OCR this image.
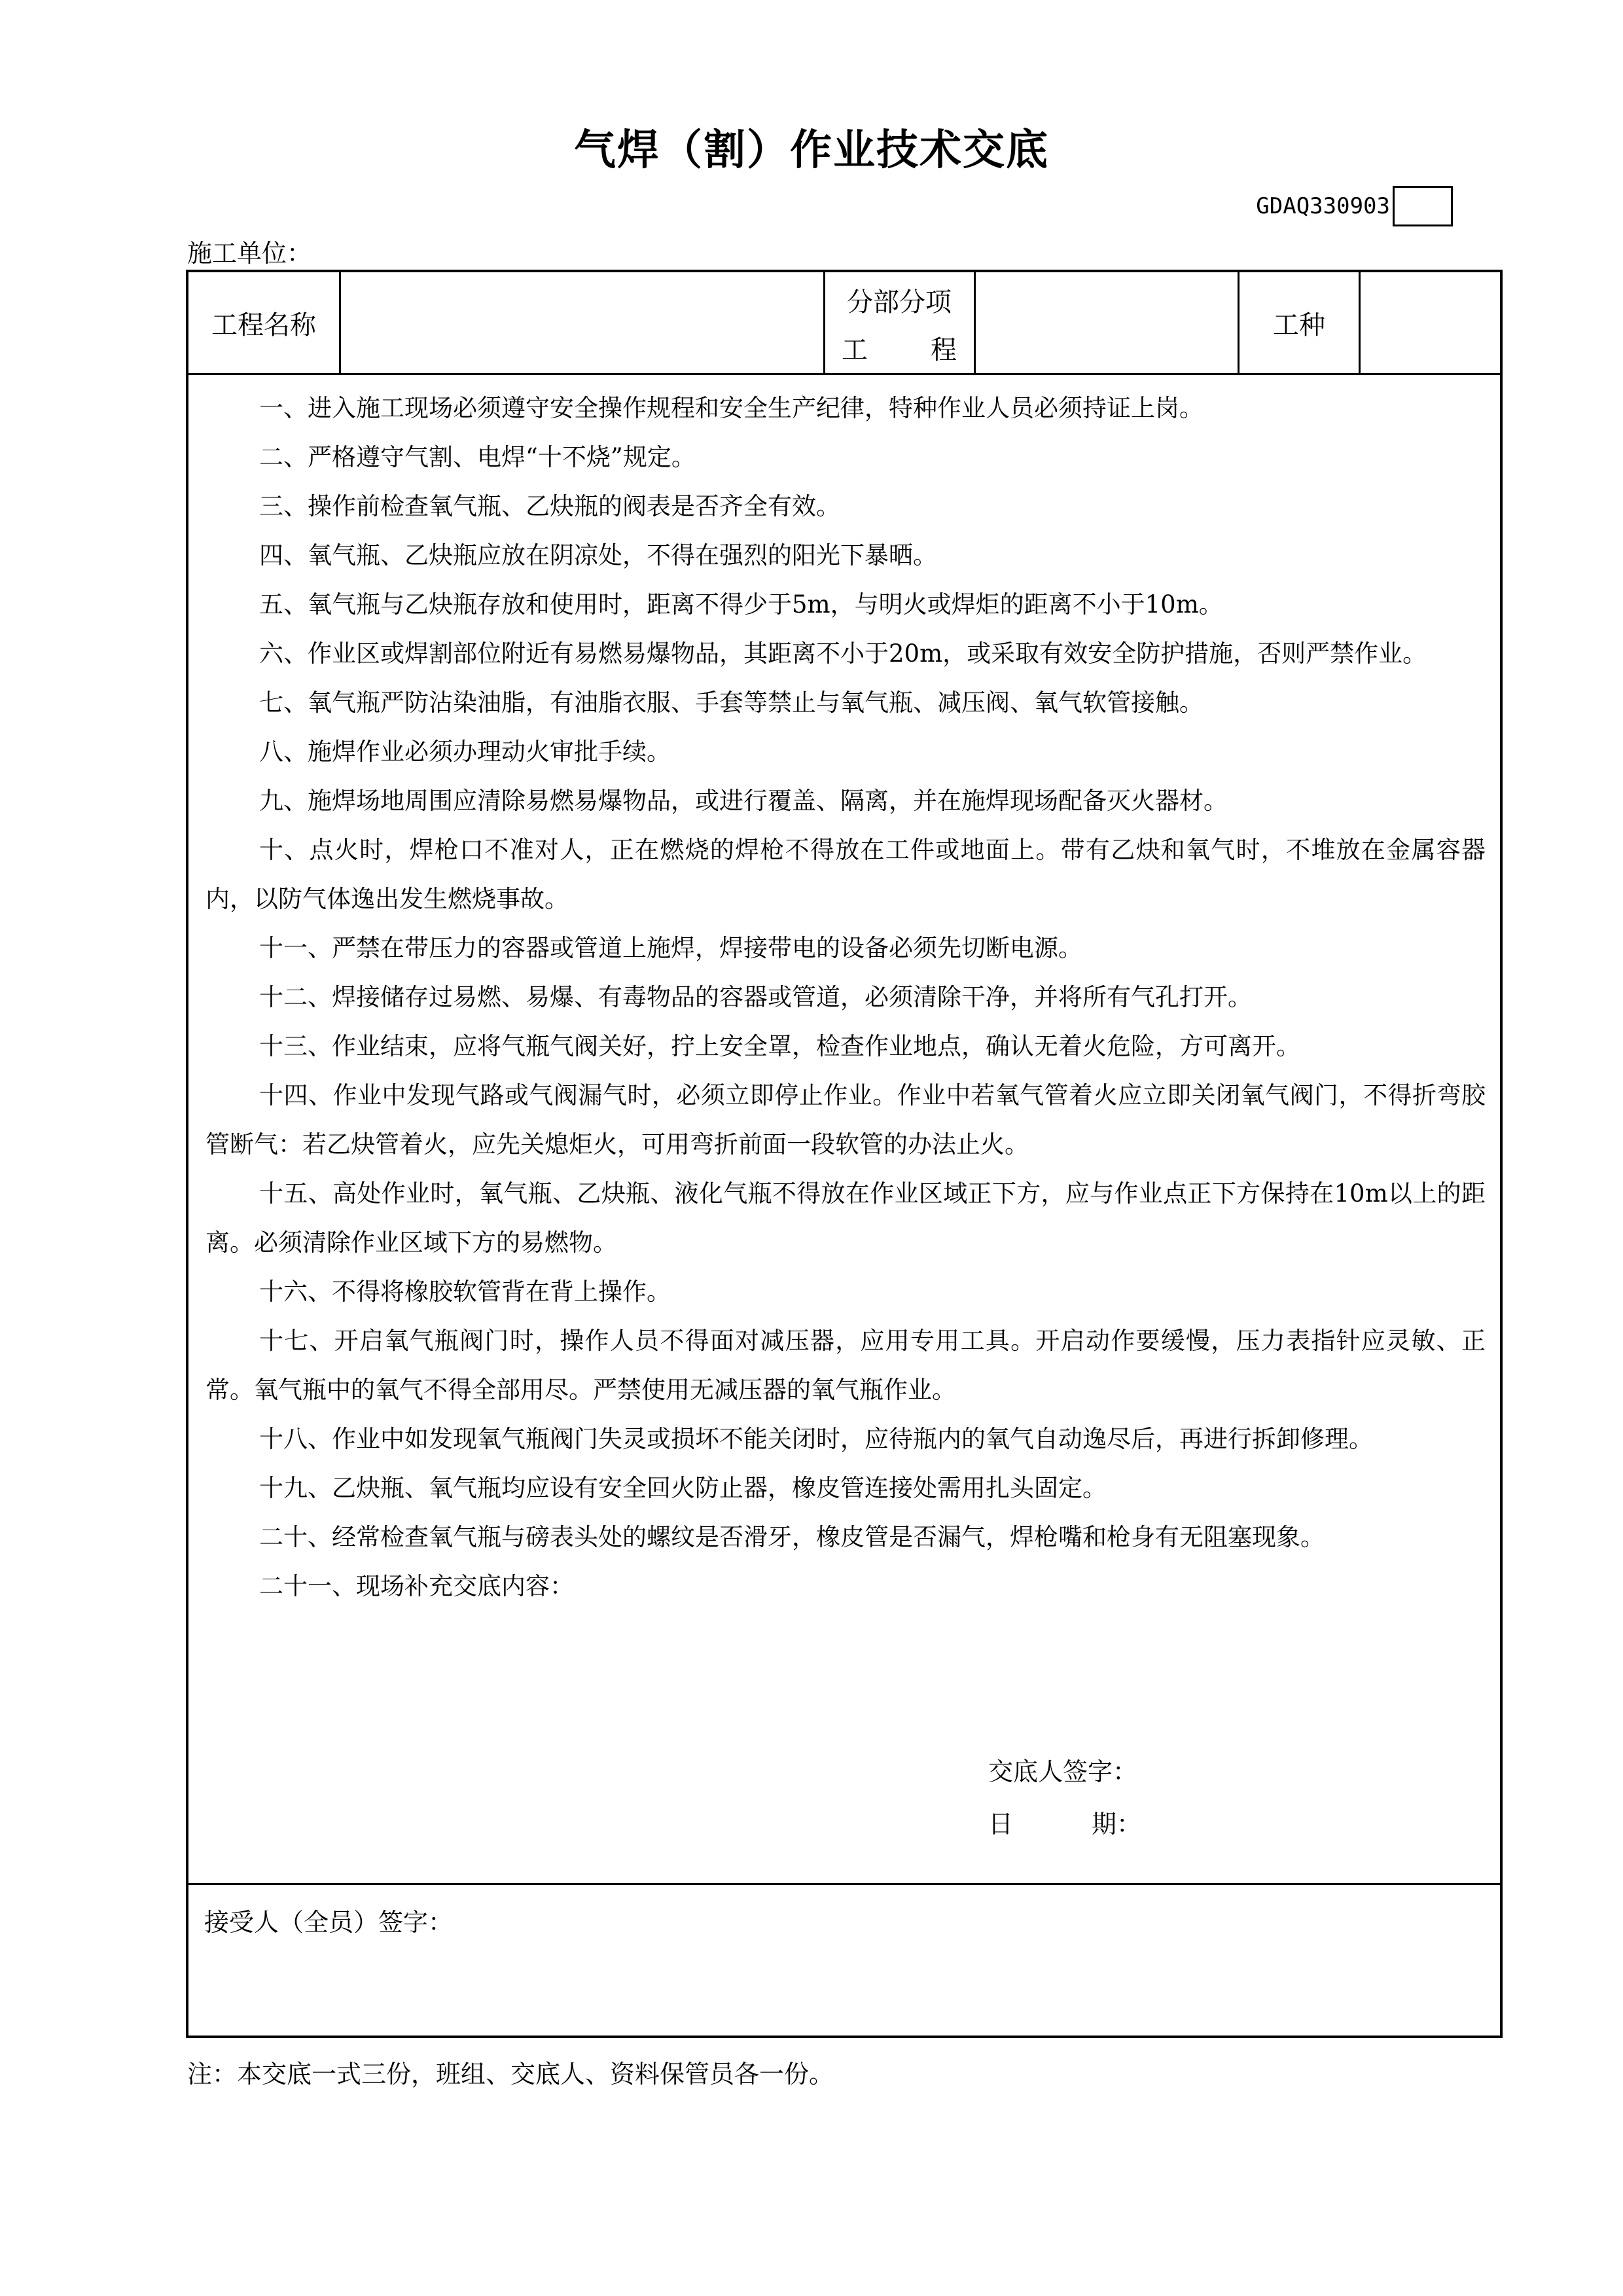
气焊（割）作业技术交底
GDAQ330903
施工单位：
工程名称
分部分项
工 程
工种
一、进入施工现场必须遵守安全操作规程和安全生产纪律，特种作业人员必须持证上岗。
二、严格遵守气割、电焊“十不烧”规定。
三、操作前检查氧气瓶、乙炔瓶的阀表是否齐全有效。
四、氧气瓶、乙炔瓶应放在阴凉处，不得在强烈的阳光下暴晒。
五、氧气瓶与乙炔瓶存放和使用时，距离不得少于5m，与明火或焊炬的距离不小于10m。
六、作业区或焊割部位附近有易燃易爆物品，其距离不小于20m，或采取有效安全防护措施，否则严禁作业。
七、氧气瓶严防沾染油脂，有油脂衣服、手套等禁止与氧气瓶、减压阀、氧气软管接触。
八、施焊作业必须办理动火审批手续。
九、施焊场地周围应清除易燃易爆物品，或进行覆盖、隔离，并在施焊现场配备灭火器材。
十、点火时，焊枪口不准对人，正在燃烧的焊枪不得放在工件或地面上。带有乙炔和氧气时，不堆放在金属容器内，以防气体逸出发生燃烧事故。
十一、严禁在带压力的容器或管道上施焊，焊接带电的设备必须先切断电源。
十二、焊接储存过易燃、易爆、有毒物品的容器或管道，必须清除干净，并将所有气孔打开。
十三、作业结束，应将气瓶气阀关好，拧上安全罩，检查作业地点，确认无着火危险，方可离开。
十四、作业中发现气路或气阀漏气时，必须立即停止作业。作业中若氧气管着火应立即关闭氧气阀门，不得折弯胶管断气：若乙炔管着火，应先关熄炬火，可用弯折前面一段软管的办法止火。
十五、高处作业时，氧气瓶、乙炔瓶、液化气瓶不得放在作业区域正下方，应与作业点正下方保持在10m以上的距离。必须清除作业区域下方的易燃物。
十六、不得将橡胶软管背在背上操作。
十七、开启氧气瓶阀门时，操作人员不得面对减压器，应用专用工具。开启动作要缓慢，压力表指针应灵敏、正常。氧气瓶中的氧气不得全部用尽。严禁使用无减压器的氧气瓶作业。
十八、作业中如发现氧气瓶阀门失灵或损坏不能关闭时，应待瓶内的氧气自动逸尽后，再进行拆卸修理。
十九、乙炔瓶、氧气瓶均应设有安全回火防止器，橡皮管连接处需用扎头固定。
二十、经常检查氧气瓶与磅表头处的螺纹是否滑牙，橡皮管是否漏气，焊枪嘴和枪身有无阻塞现象。
二十一、现场补充交底内容：
交底人签字：
日	期：
接受人（全员）签字：
注：本交底一式三份，班组、交底人、资料保管员各一份。
